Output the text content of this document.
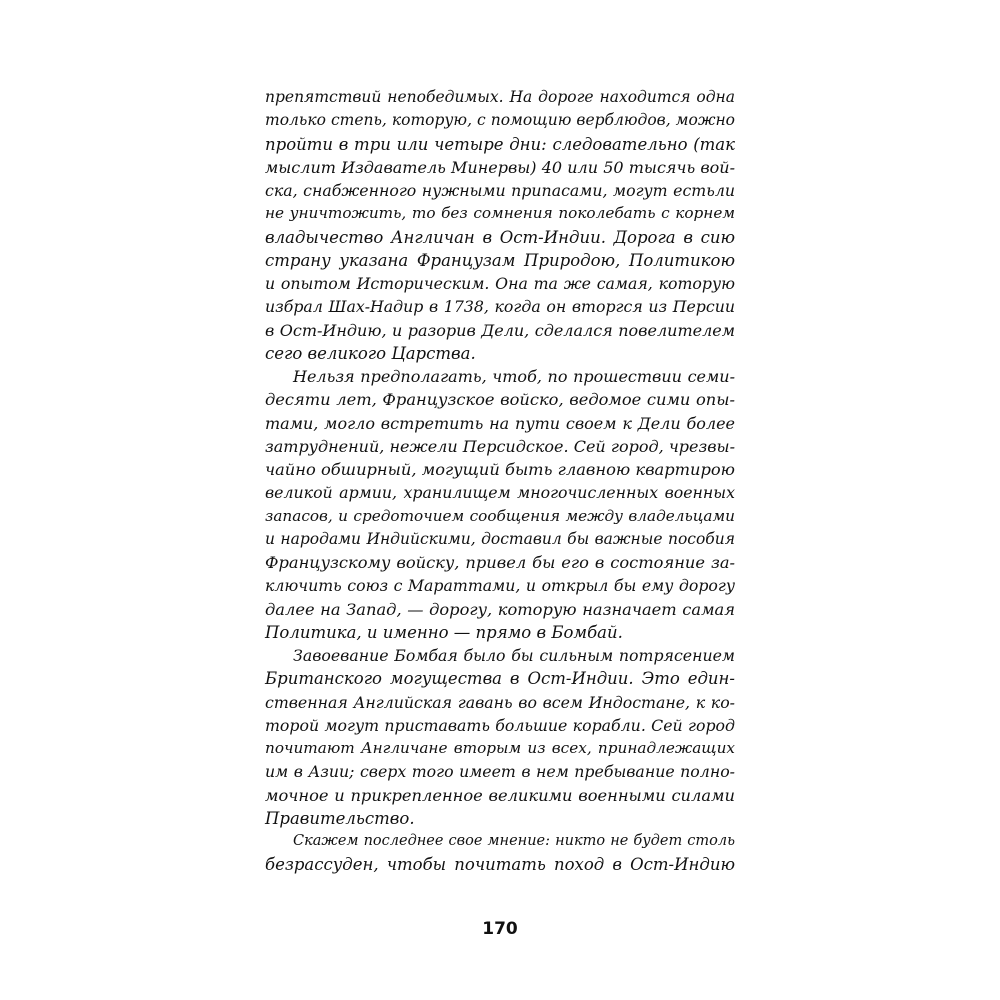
препятствий непобедимых. На дороге находится одна
только степь, которую, с помощию верблюдов, можно
пройти в три или четыре дни: следовательно (так
мыслит Издаватель Минервы) 40 или 50 тысячь вой-
ска, снабженного нужными припасами, могут естьли
не уничтожить, то без сомнения поколебать с корнем
владычество Англичан в Ост-Индии. Дорога в сию
страну указана Французам Природою, Политикою
и опытом Историческим. Она та же самая, которую
избрал Шах-Надир в 1738, когда он вторгся из Персии
в Ост-Индию, и разорив Дели, сделался повелителем
сего великого Царства.
Нельзя предполагать, чтоб, по прошествии семи-
десяти лет, Французское войско, ведомое сими опы-
тами, могло встретить на пути своем к Дели более
затруднений, нежели Персидское. Сей город, чрезвы-
чайно обширный, могущий быть главною квартирою
великой армии, хранилищем многочисленных военных
запасов, и средоточием сообщения между владельцами
и народами Индийскими, доставил бы важные пособия
Французскому войску, привел бы его в состояние за-
ключить союз с Мараттами, и открыл бы ему дорогу
далее на Запад, — дорогу, которую назначает самая
Политика, и именно — прямо в Бомбай.
Завоевание Бомбая было бы сильным потрясением
Британского могущества в Ост-Индии. Это един-
ственная Английская гавань во всем Индостане, к ко-
торой могут приставать большие корабли. Сей город
почитают Англичане вторым из всех, принадлежащих
им в Азии; сверх того имеет в нем пребывание полно-
мочное и прикрепленное великими военными силами
Правительство.
Скажем последнее свое мнение: никто не будет столь
безрассуден, чтобы почитать поход в Ост-Индию
170
